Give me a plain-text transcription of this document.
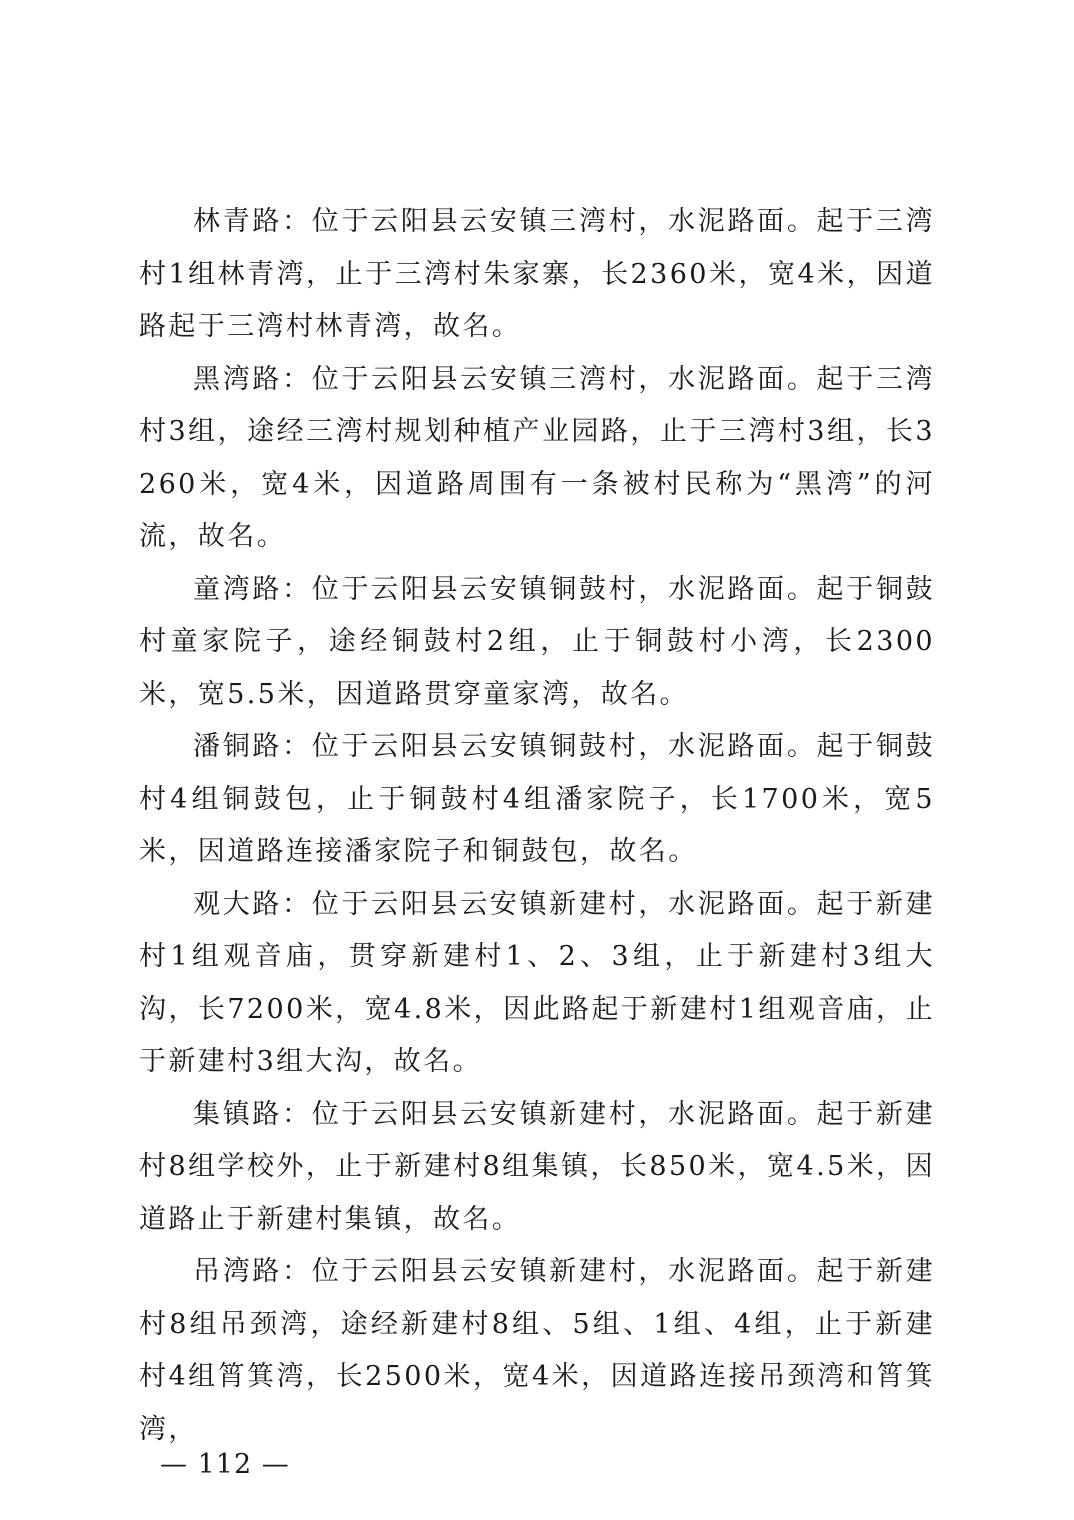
林青路：位于云阳县云安镇三湾村，水泥路面。起于三湾村1组林青湾，止于三湾村朱家寨，长2360米，宽4米，因道路起于三湾村林青湾，故名。

黑湾路：位于云阳县云安镇三湾村，水泥路面。起于三湾村3组，途经三湾村规划种植产业园路，止于三湾村3组，长3260米，宽4米，因道路周围有一条被村民称为“黑湾”的河流，故名。

童湾路：位于云阳县云安镇铜鼓村，水泥路面。起于铜鼓村童家院子，途经铜鼓村2组，止于铜鼓村小湾，长2300米，宽5.5米，因道路贯穿童家湾，故名。

潘铜路：位于云阳县云安镇铜鼓村，水泥路面。起于铜鼓村4组铜鼓包，止于铜鼓村4组潘家院子，长1700米，宽5米，因道路连接潘家院子和铜鼓包，故名。

观大路：位于云阳县云安镇新建村，水泥路面。起于新建村1组观音庙，贯穿新建村1、2、3组，止于新建村3组大沟，长7200米，宽4.8米，因此路起于新建村1组观音庙，止于新建村3组大沟，故名。

集镇路：位于云阳县云安镇新建村，水泥路面。起于新建村8组学校外，止于新建村8组集镇，长850米，宽4.5米，因道路止于新建村集镇，故名。

吊湾路：位于云阳县云安镇新建村，水泥路面。起于新建村8组吊颈湾，途经新建村8组、5组、1组、4组，止于新建村4组筲箕湾，长2500米，宽4米，因道路连接吊颈湾和筲箕湾，

— 112 —
